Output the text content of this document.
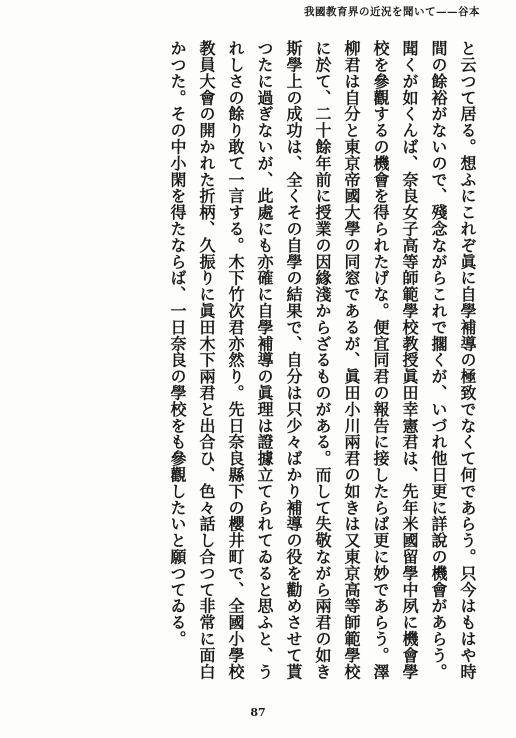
我國教育界の近況を聞いて——谷本

と云つて居る。想ふにこれぞ眞に自學補導の極致でなくて何であらう。只今はもはや時間の餘裕がないので、殘念ながらこれで擱くが、いづれ他日更に詳說の機會があらう。聞くが如くんば、奈良女子高等師範學校教授眞田幸憲君は、先年米國留學中夙に機會學校を參觀するの機會を得られたげな。便宜同君の報告に接したらば更に妙であらう。澤柳君は自分と東京帝國大學の同窓であるが、眞田小川兩君の如きは又東京高等師範學校に於て、二十餘年前に授業の因緣淺からざるものがある。而して失敬ながら兩君の如き斯學上の成功は、全くその自學の結果で、自分は只少々ばかり補導の役を勸めさせて貰つたに過ぎないが、此處にも亦確に自學補導の眞理は證據立てられてゐると思ふと、うれしさの餘り敢て一言する。木下竹次君亦然り。先日奈良縣下の櫻井町で、全國小學校教員大會の開かれた折柄、久振りに眞田木下兩君と出合ひ、色々話し合つて非常に面白かつた。その中小閑を得たならば、一日奈良の學校をも參觀したいと願つてゐる。

87
